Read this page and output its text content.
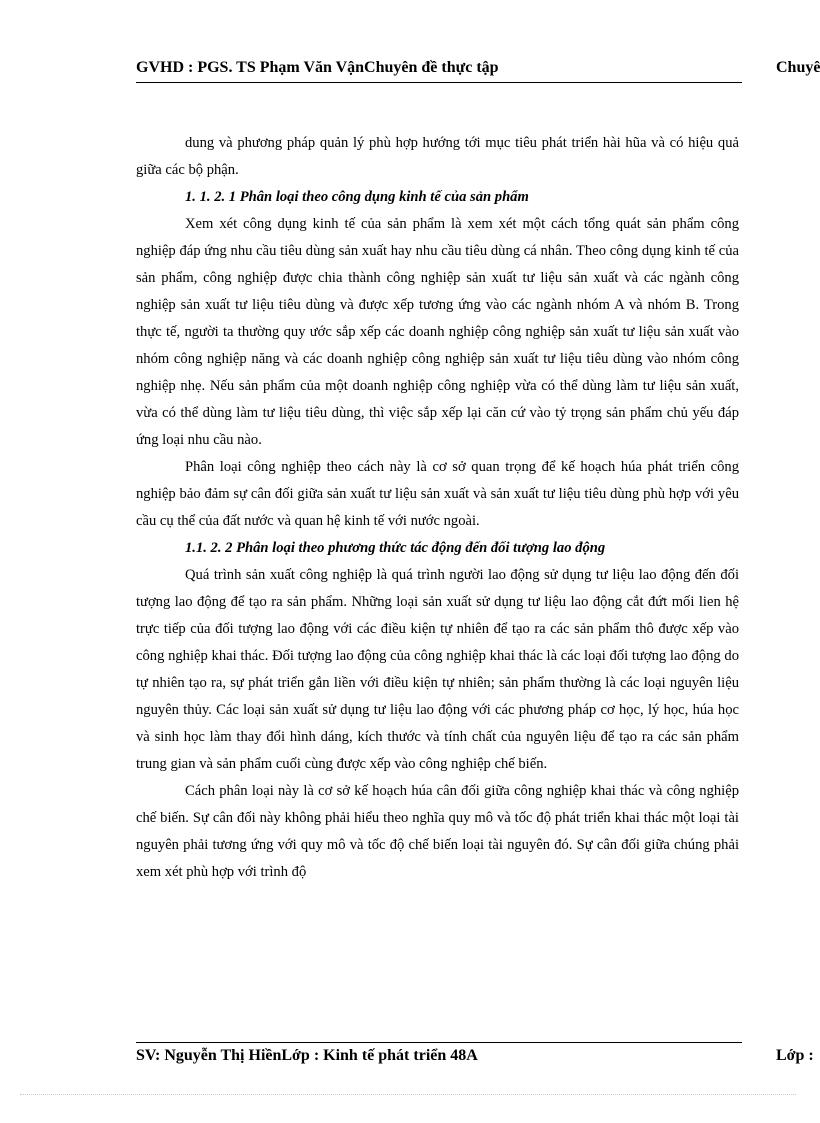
GVHD : PGS. TS Phạm Văn VậnChuyên đề thực tập	Chuyê

dung và phương pháp quản lý phù hợp hướng tới mục tiêu phát triển hài hũa và có hiệu quả giữa các bộ phận.

1. 1. 2. 1 Phân loại theo công dụng kinh tế của sản phẩm

Xem xét công dụng kinh tế của sản phẩm là xem xét một cách tổng quát sản phẩm công nghiệp đáp ứng nhu cầu tiêu dùng sản xuất hay nhu cầu tiêu dùng cá nhân. Theo công dụng kinh tế của sản phẩm, công nghiệp được chia thành công nghiệp sản xuất tư liệu sản xuất và các ngành công nghiệp sản xuất tư liệu tiêu dùng và được xếp tương ứng vào các ngành nhóm A và nhóm B. Trong thực tế, người ta thường quy ước sắp xếp các doanh nghiệp công nghiệp sản xuất tư liệu sản xuất vào nhóm công nghiệp năng và các doanh nghiệp công nghiệp sản xuất tư liệu tiêu dùng vào nhóm công nghiệp nhẹ. Nếu sản phẩm của một doanh nghiệp công nghiệp vừa có thể dùng làm tư liệu sản xuất, vừa có thể dùng làm tư liệu tiêu dùng, thì việc sắp xếp lại căn cứ vào tỷ trọng sản phẩm chủ yếu đáp ứng loại nhu cầu nào.

Phân loại công nghiệp theo cách này là cơ sở quan trọng để kế hoạch húa phát triển công nghiệp bảo đảm sự cân đối giữa sản xuất tư liệu sản xuất và sản xuất tư liệu tiêu dùng phù hợp với yêu cầu cụ thể của đất nước và quan hệ kinh tế với nước ngoài.

1.1. 2. 2 Phân loại theo phương thức tác động đến đối tượng lao động

Quá trình sản xuất công nghiệp là quá trình người lao động sử dụng tư liệu lao động đến đối tượng lao động để tạo ra sản phẩm. Những loại sản xuất sử dụng tư liệu lao động cắt đứt mối lien hệ trực tiếp của đối tượng lao động với các điều kiện tự nhiên để tạo ra các sản phẩm thô được xếp vào công nghiệp khai thác. Đối tượng lao động của công nghiệp khai thác là các loại đối tượng lao động do tự nhiên tạo ra, sự phát triển gắn liền với điều kiện tự nhiên; sản phẩm thường là các loại nguyên liệu nguyên thủy. Các loại sản xuất sử dụng tư liệu lao động với các phương pháp cơ học, lý học, húa học và sinh học làm thay đổi hình dáng, kích thước và tính chất của nguyên liệu để tạo ra các sản phẩm trung gian và sản phẩm cuối cùng được xếp vào công nghiệp chế biến.

Cách phân loại này là cơ sở kế hoạch húa cân đối giữa công nghiệp khai thác và công nghiệp chế biến. Sự cân đối này không phải hiểu theo nghĩa quy mô và tốc độ phát triển khai thác một loại tài nguyên phải tương ứng với quy mô và tốc độ chế biến loại tài nguyên đó. Sự cân đối giữa chúng phải xem xét phù hợp với trình độ

SV: Nguyễn Thị HiềnLớp : Kinh tế phát triển 48A	Lớp :
